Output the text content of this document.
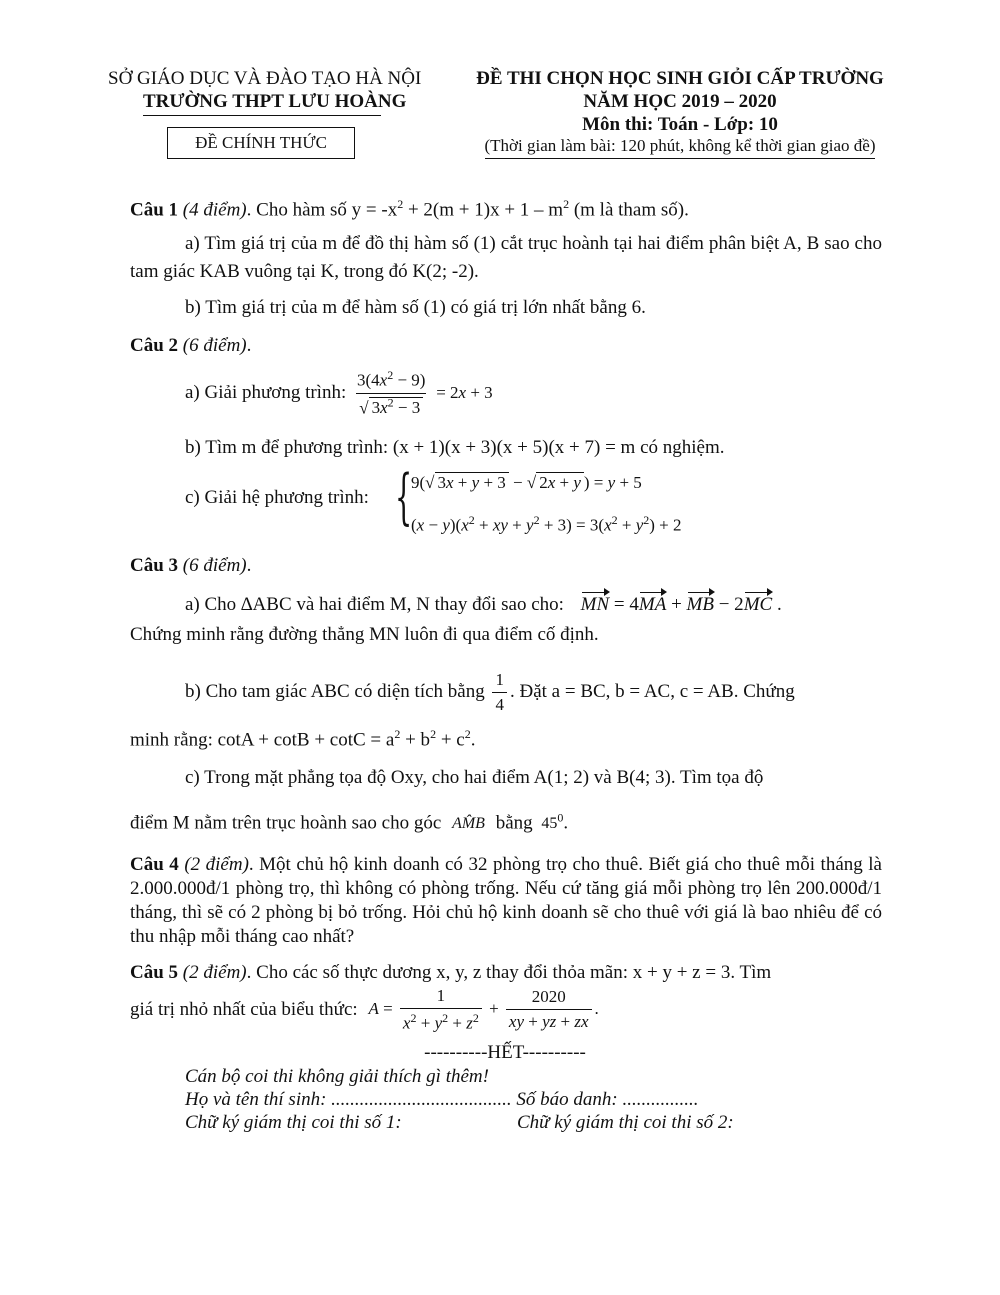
SỞ GIÁO DỤC VÀ ĐÀO TẠO HÀ NỘI
TRƯỜNG THPT LƯU HOÀNG
ĐỀ CHÍNH THỨC
ĐỀ THI CHỌN HỌC SINH GIỎI CẤP TRƯỜNG
NĂM HỌC 2019 – 2020
Môn thi: Toán - Lớp: 10
(Thời gian làm bài: 120 phút, không kể thời gian giao đề)
Câu 1 (4 điểm). Cho hàm số $y = -x^2 + 2(m + 1)x + 1 - m^2$ (m là tham số).
a) Tìm giá trị của m để đồ thị hàm số (1) cắt trục hoành tại hai điểm phân biệt A, B sao cho tam giác KAB vuông tại K, trong đó K(2; -2).
b) Tìm giá trị của m để hàm số (1) có giá trị lớn nhất bằng 6.
Câu 2 (6 điểm).
a) Giải phương trình: $\frac{3(4x^2 - 9)}{√ 3x^2 - 3} = 2x + 3$
b) Tìm m để phương trình: (x + 1)(x + 3)(x + 5)(x + 7) = m có nghiệm.
c) Giải hệ phương trình: {
9(√ 3x + y + 3 − √ 2x + y ) = y + 5
$(x - y)(x^2$ + xy + $y^2 + 3) = 3(x^2 + y^2) + 2$
Câu 3 (6 điểm).
a) Cho ∆ABC và hai điểm M, N thay đổi sao cho: MN = 4MA + MB − 2MC .
Chứng minh rằng đường thẳng MN luôn đi qua điểm cố định.
b) Cho tam giác ABC có diện tích bằng $\frac{1}{4}$ . Đặt a = BC, b = AC, c = AB. Chứng
minh rằng: $\cot A + \cot B + \cot C = a^2 + b^2 + c^2$.
c) Trong mặt phẳng tọa độ Oxy, cho hai điểm A(1; 2) và B(4; 3). Tìm tọa độ
điểm M nằm trên trục hoành sao cho góc AM̂B bằng $45^0$.
Câu 4 (2 điểm). Một chủ hộ kinh doanh có 32 phòng trọ cho thuê. Biết giá cho thuê mỗi tháng là 2.000.000đ/1 phòng trọ, thì không có phòng trống. Nếu cứ tăng giá mỗi phòng trọ lên 200.000đ/1 tháng, thì sẽ có 2 phòng bị bỏ trống. Hỏi chủ hộ kinh doanh sẽ cho thuê với giá là bao nhiêu để có thu nhập mỗi tháng cao nhất?
Câu 5 (2 điểm). Cho các số thực dương x, y, z thay đổi thỏa mãn: x + y + z = 3. Tìm
giá trị nhỏ nhất của biểu thức: $A = \frac{1}{x^2 + y^2 + z^2} + \frac{2020}{xy + yz + zx}$ .
----------HẾT----------
Cán bộ coi thi không giải thích gì thêm!
Họ và tên thí sinh: ...................................... Số báo danh: ................
Chữ ký giám thị coi thi số 1:	Chữ ký giám thị coi thi số 2:
